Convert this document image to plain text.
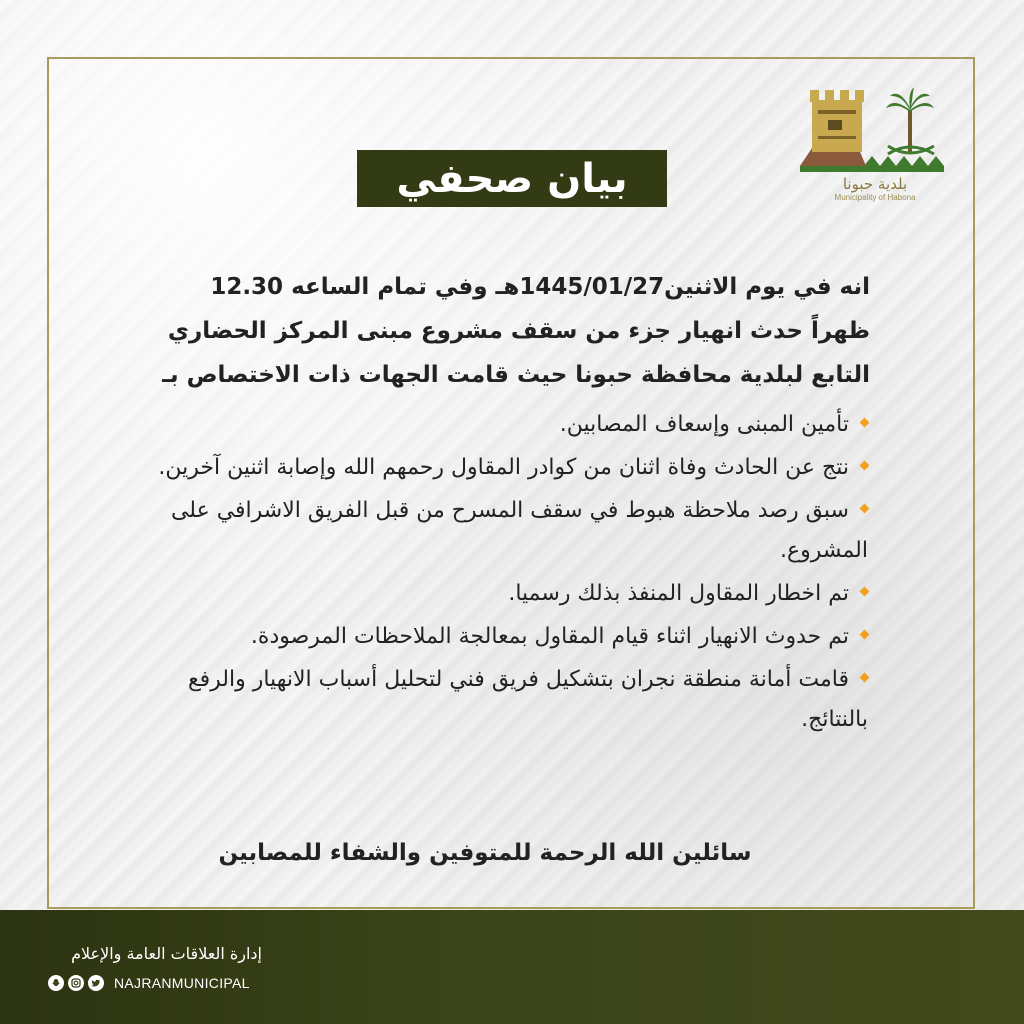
بلدية حبونا
Municipality of Habona
بيان صحفي

انه في يوم الاثنين1445/01/27هـ وفي تمام الساعه 12.30 ظهراً حدث انهيار جزء من سقف مشروع مبنى المركز الحضاري التابع لبلدية محافظة حبونا حيث قامت الجهات ذات الاختصاص بـ

تأمين المبنى وإسعاف المصابين.
نتج عن الحادث وفاة اثنان من كوادر المقاول رحمهم الله وإصابة اثنين آخرين.
سبق رصد ملاحظة هبوط في سقف المسرح من قبل الفريق الاشرافي على المشروع.
تم اخطار المقاول المنفذ بذلك رسميا.
تم حدوث الانهيار اثناء قيام المقاول بمعالجة الملاحظات المرصودة.
قامت أمانة منطقة نجران بتشكيل فريق فني لتحليل أسباب الانهيار والرفع بالنتائج.
سائلين الله الرحمة للمتوفين والشفاء للمصابين
إدارة العلاقات العامة والإعلام
NAJRANMUNICIPAL
